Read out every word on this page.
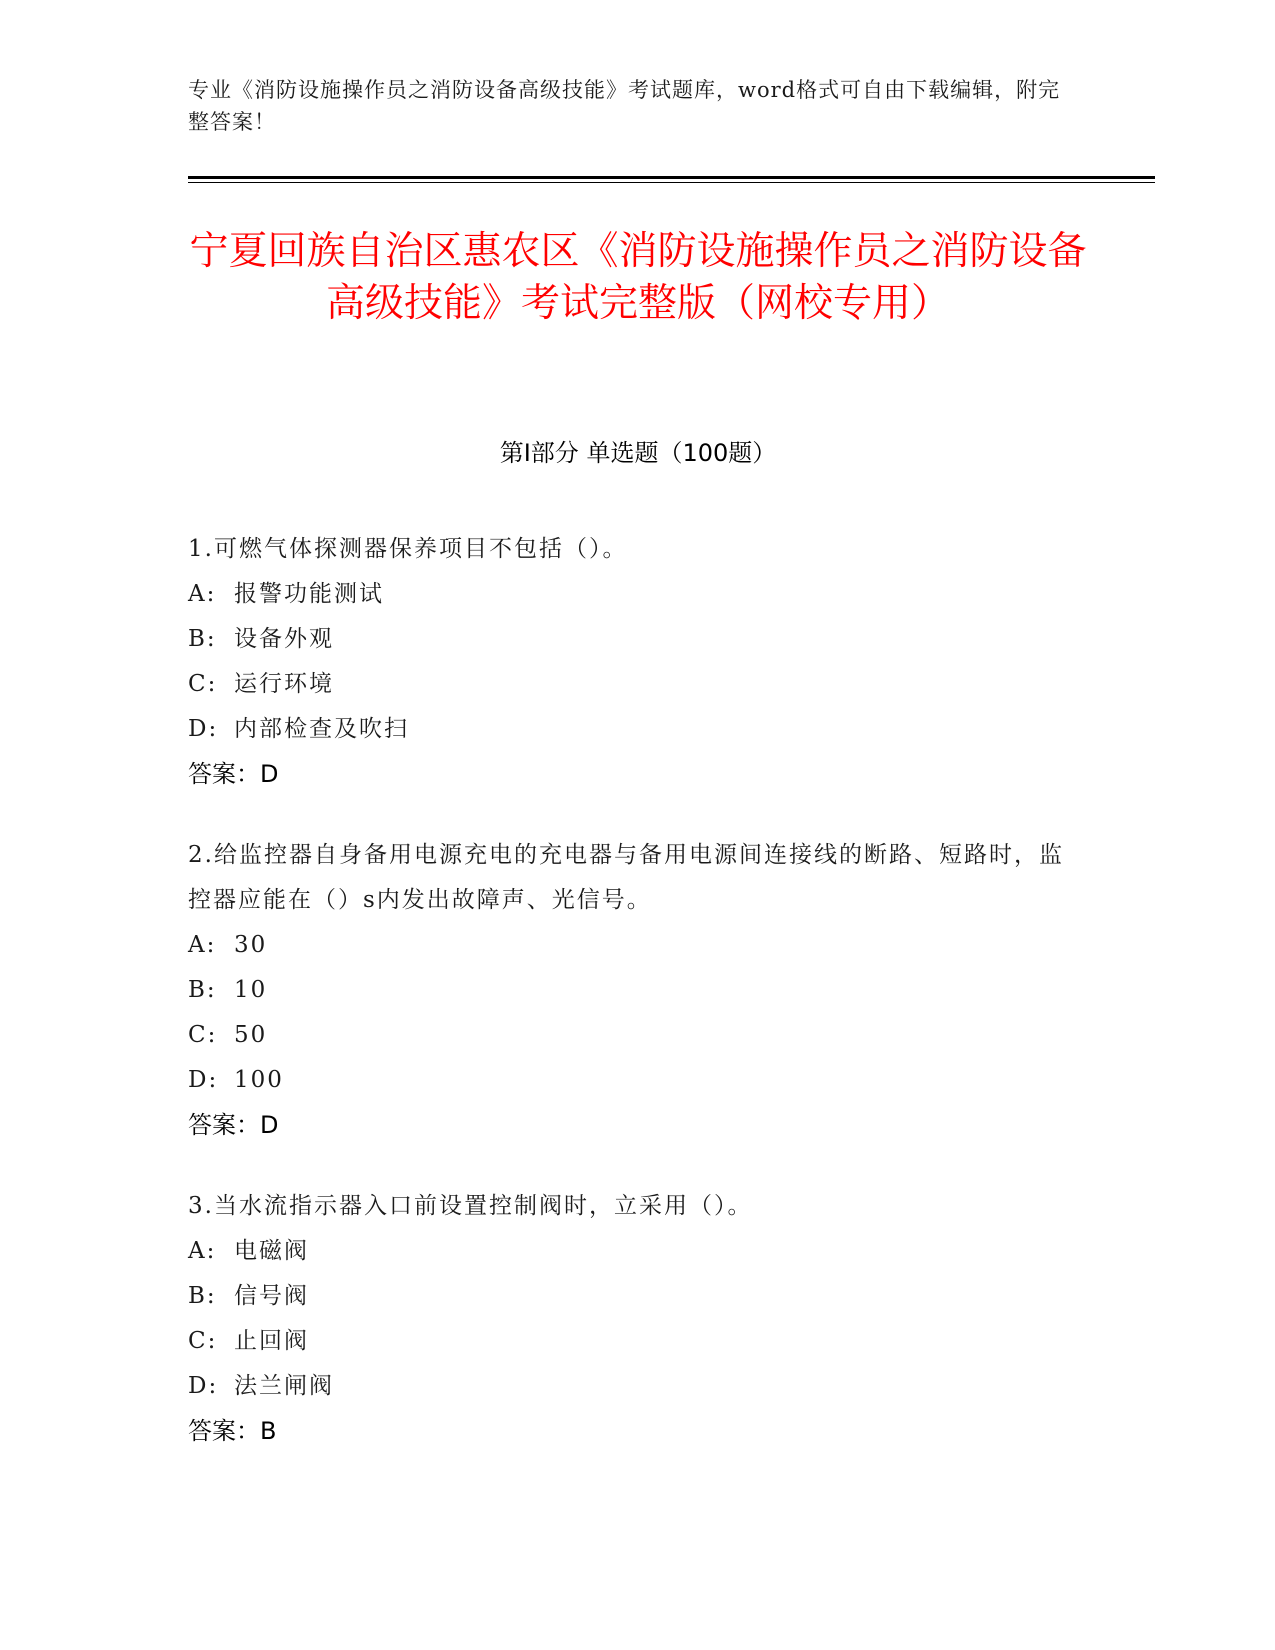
专业《消防设施操作员之消防设备高级技能》考试题库，word格式可自由下载编辑，附完整答案！
宁夏回族自治区惠农区《消防设施操作员之消防设备高级技能》考试完整版（网校专用）
第Ⅰ部分 单选题（100题）

1.可燃气体探测器保养项目不包括（）。

A: 报警功能测试

B: 设备外观

C: 运行环境

D: 内部检查及吹扫

答案：D

2.给监控器自身备用电源充电的充电器与备用电源间连接线的断路、短路时，监控器应能在（）s内发出故障声、光信号。

A: 30

B: 10

C: 50

D: 100

答案：D

3.当水流指示器入口前设置控制阀时，立采用（）。

A: 电磁阀

B: 信号阀

C: 止回阀

D: 法兰闸阀

答案：B
